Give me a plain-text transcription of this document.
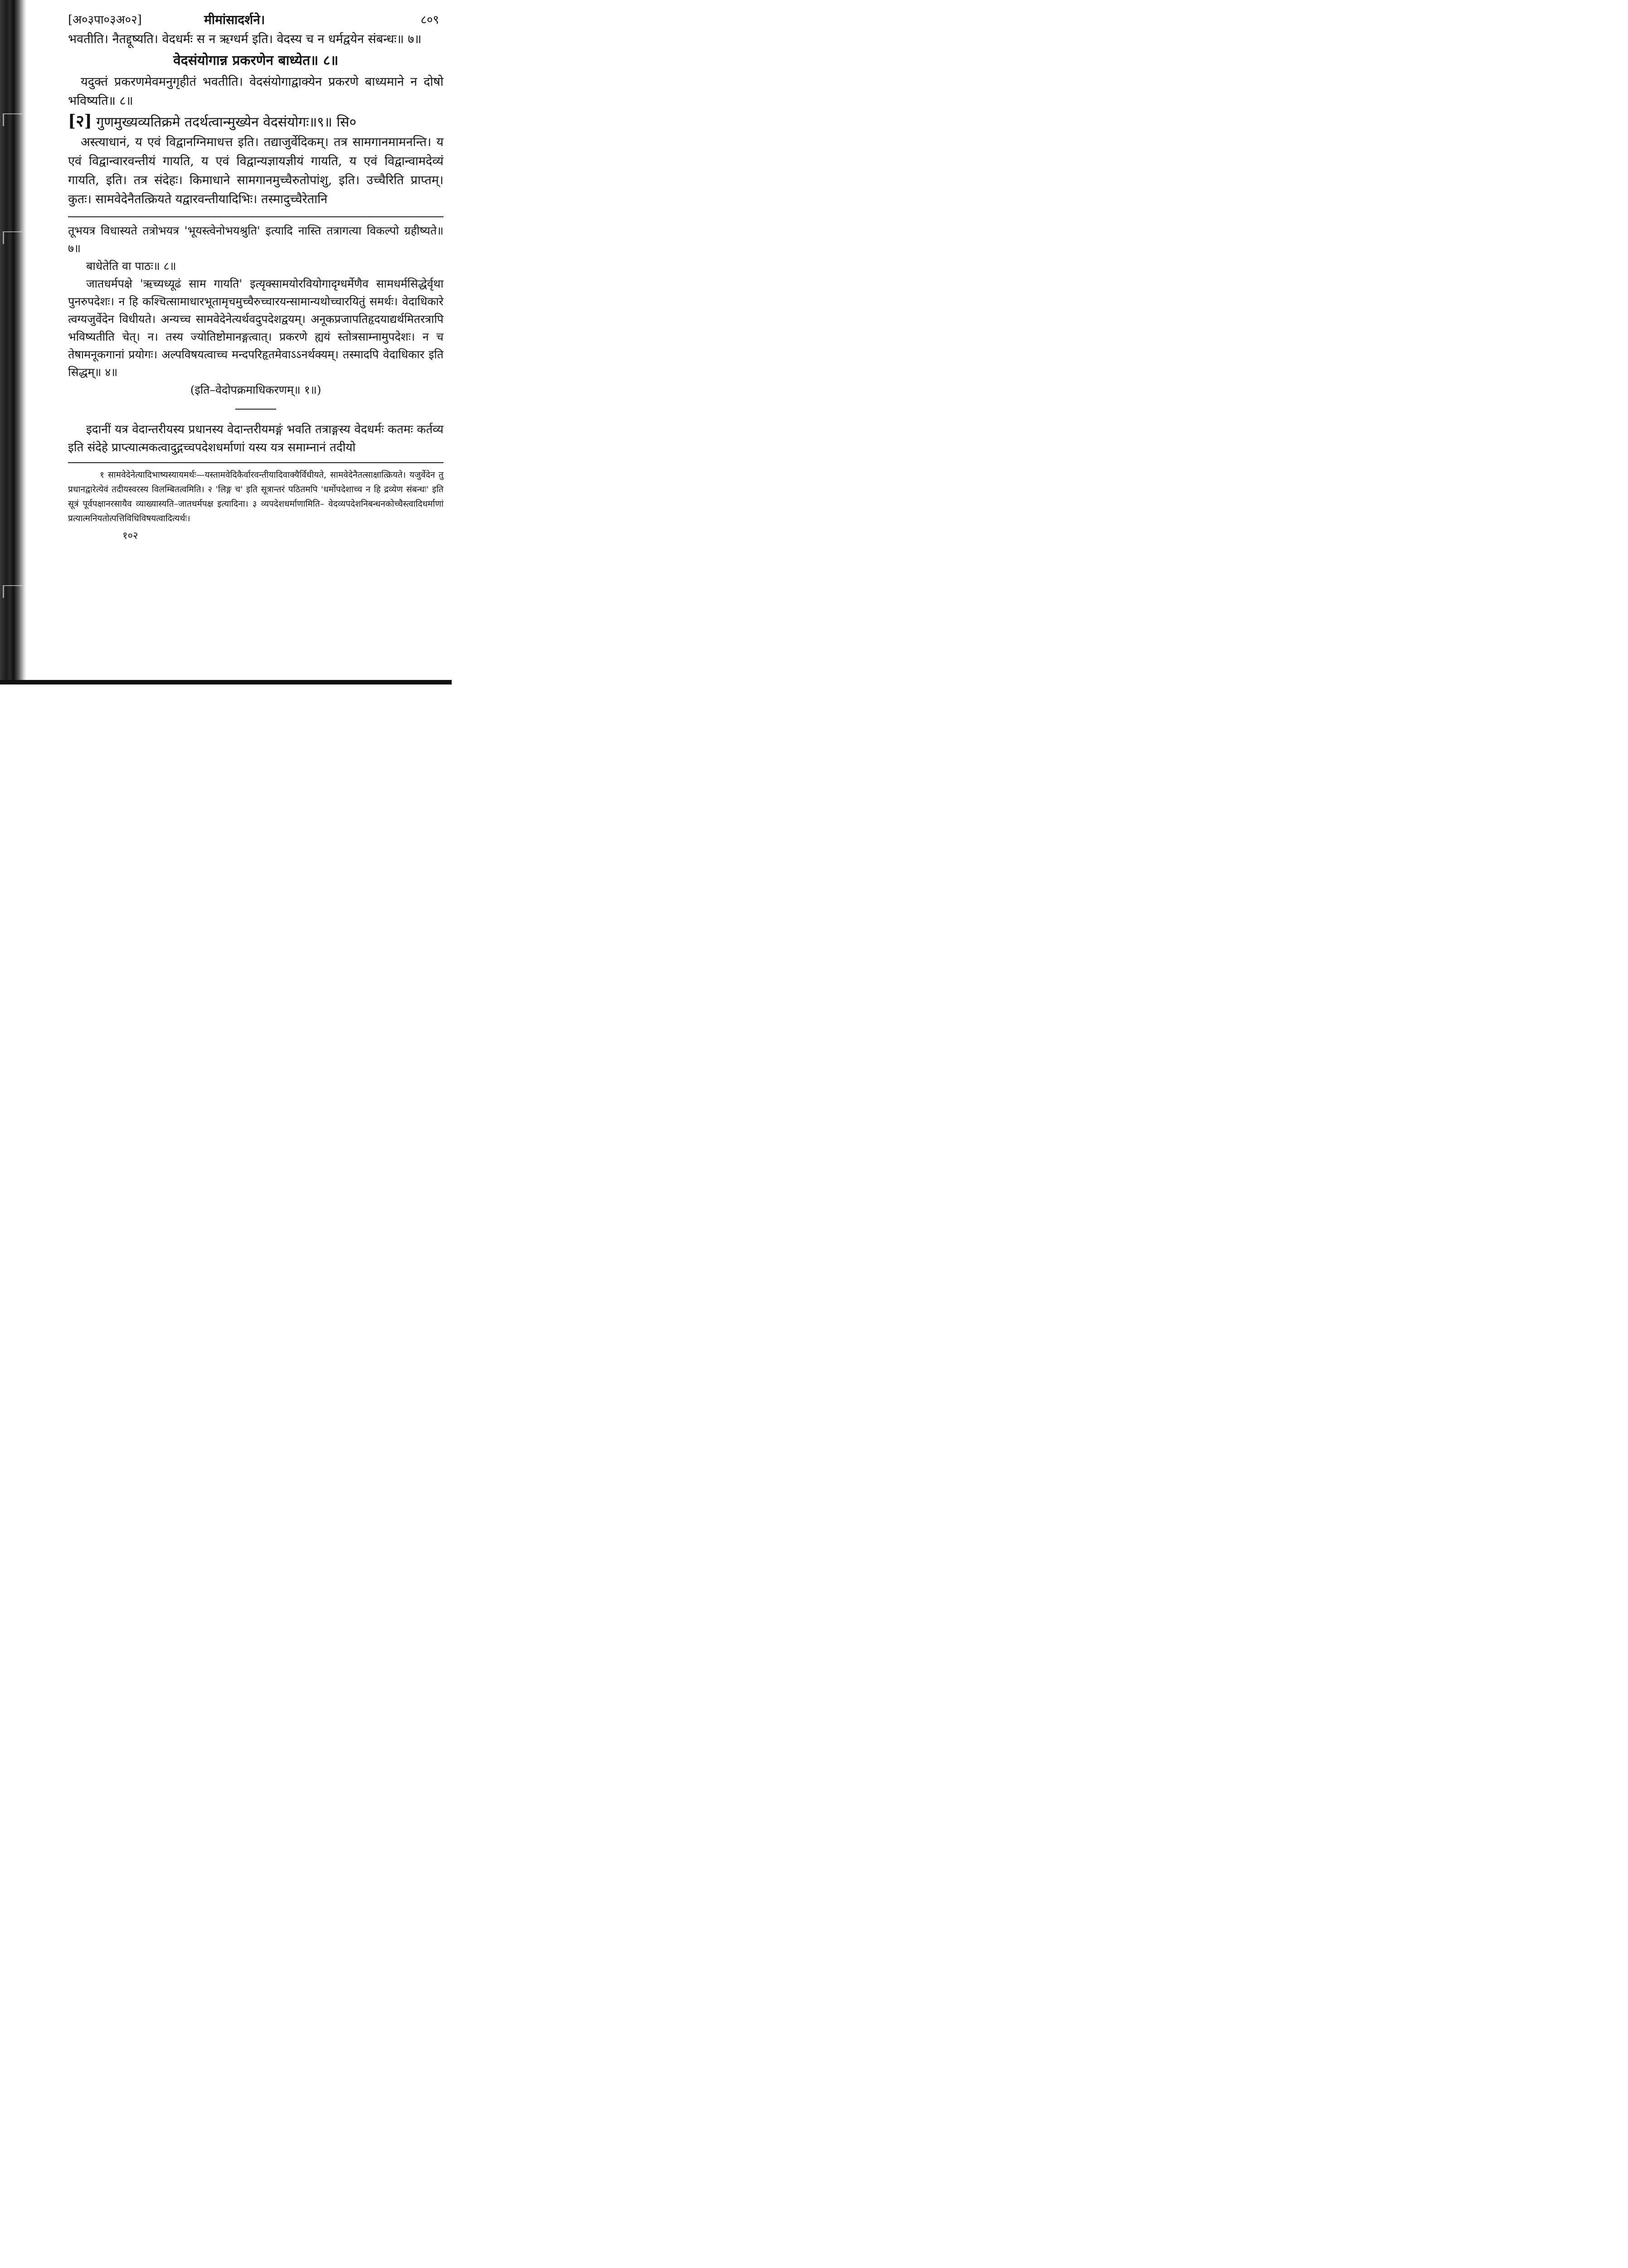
[अ०३पा०३अ०२]	मीमांसादर्शने।	८०९

भवतीति। नैतद्दूष्यति। वेदधर्मः स न ऋग्धर्म इति। वेदस्य च न धर्मद्वयेन संबन्धः॥ ७॥

वेदसंयोगान्न प्रकरणेन बाध्येत॥ ८॥

यदुक्तं प्रकरणमेवमनुगृहीतं भवतीति। वेदसंयोगाद्वाक्येन प्रकरणे बाध्यमाने न दोषो भविष्यति॥ ८॥

[२] गुणमुख्यव्यतिक्रमे तदर्थत्वान्मुख्येन वेदसंयोगः॥९॥ सि०

अस्त्याधानं, य एवं विद्वानग्निमाधत्त इति। तद्याजुर्वेदिकम्। तत्र सामगानमामनन्ति। य एवं विद्वान्वारवन्तीयं गायति, य एवं विद्वान्यज्ञायज्ञीयं गायति, य एवं विद्वान्वामदेव्यं गायति, इति। तत्र संदेहः। किमाधाने सामगानमुच्चैरुतोपांशु, इति। उच्चैरिति प्राप्तम्। कुतः। सामवेदेनैतत्क्रियते यद्वारवन्तीयादिभिः। तस्मादुच्चैरेतानि

तूभयत्र विधास्यते तत्रोभयत्र 'भूयस्त्वेनोभयश्रुति' इत्यादि नास्ति तत्रागत्या विकल्पो ग्रहीष्यते॥ ७॥

बाधेतेति वा पाठः॥ ८॥

जातधर्मपक्षे 'ऋच्यध्यूढं साम गायति' इत्यृक्सामयोरवियोगादृग्धर्मेणैव सामधर्मसिद्धेर्वृथा पुनरुपदेशः। न हि कश्चित्सामाधारभूतामृचमुच्चैरुच्चारयन्सामान्यथोच्चारयितुं समर्थः। वेदाधिकारे त्वग्यजुर्वेदेन विधीयते। अन्यच्च सामवेदेनेत्यर्थवदुपदेशद्वयम्। अनूकप्रजापतिहृदयाद्यर्थमितरत्रापि भविष्यतीति चेत्। न। तस्य ज्योतिष्टोमानङ्गत्वात्। प्रकरणे ह्ययं स्तोत्रसाम्नामुपदेशः। न च तेषामनूकगानां प्रयोगः। अल्पविषयत्वाच्च मन्दपरिहृतमेवाऽऽनर्थक्यम्। तस्मादपि वेदाधिकार इति सिद्धम्॥ ४॥

(इति–वेदोपक्रमाधिकरणम्॥ १॥)

इदानीं यत्र वेदान्तरीयस्य प्रधानस्य वेदान्तरीयमङ्गं भवति तत्राङ्गस्य वेदधर्मः कतमः कर्तव्य इति संदेहे प्राप्त्यात्मकत्वादुद्गच्चपदेशधर्माणां यस्य यत्र समाम्नानं तदीयो

१ सामवेदेनेत्यादिभाष्यस्यायमर्थः—यस्तामवेदिकैर्वारवन्तीयादिवाक्यैर्विधीयते, सामवेदेनैतत्साक्षात्क्रियते। यजुर्वेदेन तु प्रधानद्वारेत्येवं तदीयस्वरस्य विलम्बितत्वमिति। २ 'लिङ्ग च' इति सूत्रान्तरं पठितमपि 'धर्मोपदेशाच्च न हि द्रव्येण संबन्धः' इति सूत्रं पूर्वपक्षानरसायैव व्याख्यास्यति–जातधर्मपक्ष इत्यादिना। ३ व्यपदेशधर्माणामिति– वेदव्यपदेशनिबन्धनकोच्चैस्त्वादिधर्माणां प्रत्यात्मनियतोत्पत्तिविधिविषयत्वादित्यर्थः।

१०२
